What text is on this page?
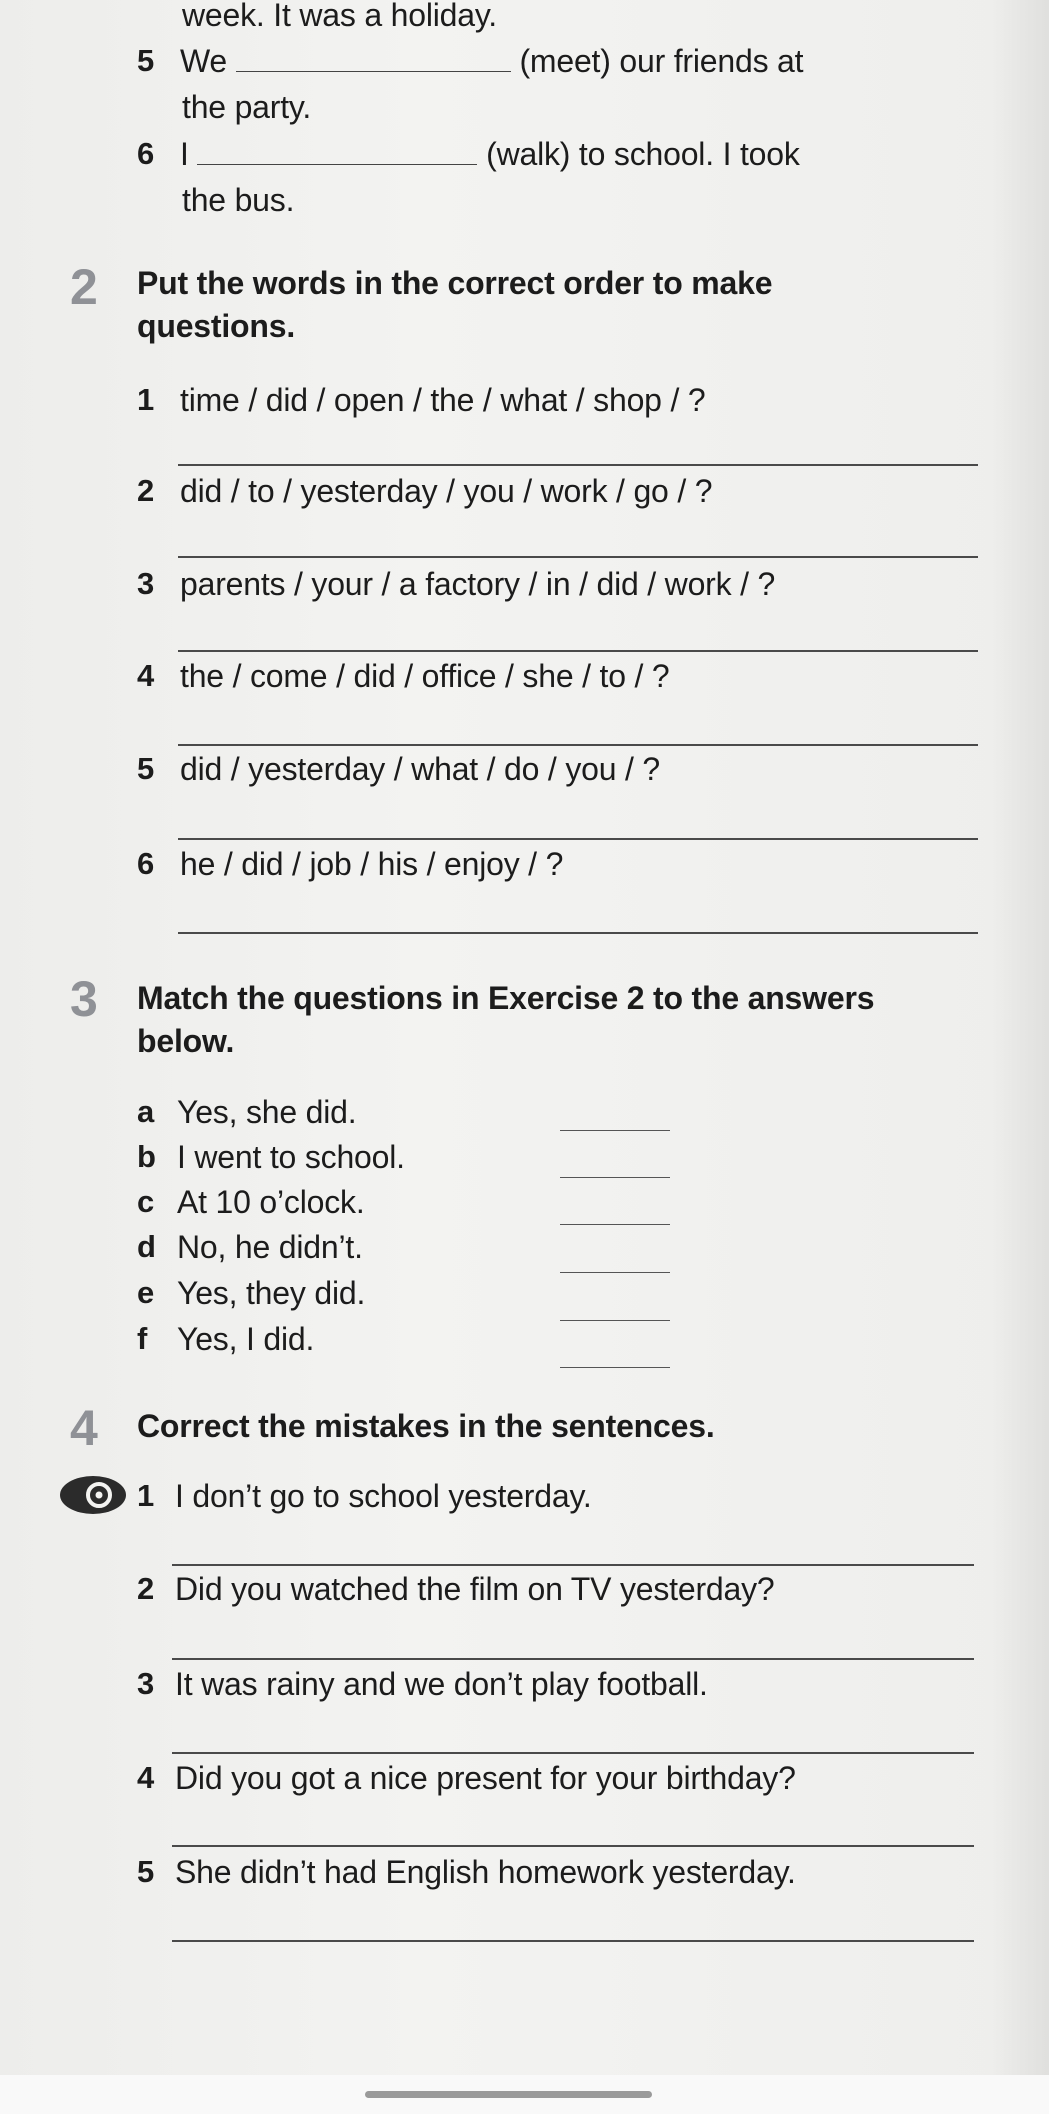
week. It was a holiday.
5 We	(meet) our friends at
the party.
6 I	(walk) to school. I took
the bus.
2 Put the words in the correct order to make
questions.
1 time / did / open / the / what / shop / ?
2 did / to / yesterday / you / work / go / ?
3 parents / your / a factory / in / did / work / ?
4 the / come / did / office / she / to / ?
5 did / yesterday / what / do / you / ?
6 he / did / job / his / enjoy / ?
3 Match the questions in Exercise 2 to the answers
below.
a Yes, she did.
b I went to school.
c At 10 o’clock.
d No, he didn’t.
e Yes, they did.
f Yes, I did.
4 Correct the mistakes in the sentences.
1 I don’t go to school yesterday.
2 Did you watched the film on TV yesterday?
3 It was rainy and we don’t play football.
4 Did you got a nice present for your birthday?
5 She didn’t had English homework yesterday.
